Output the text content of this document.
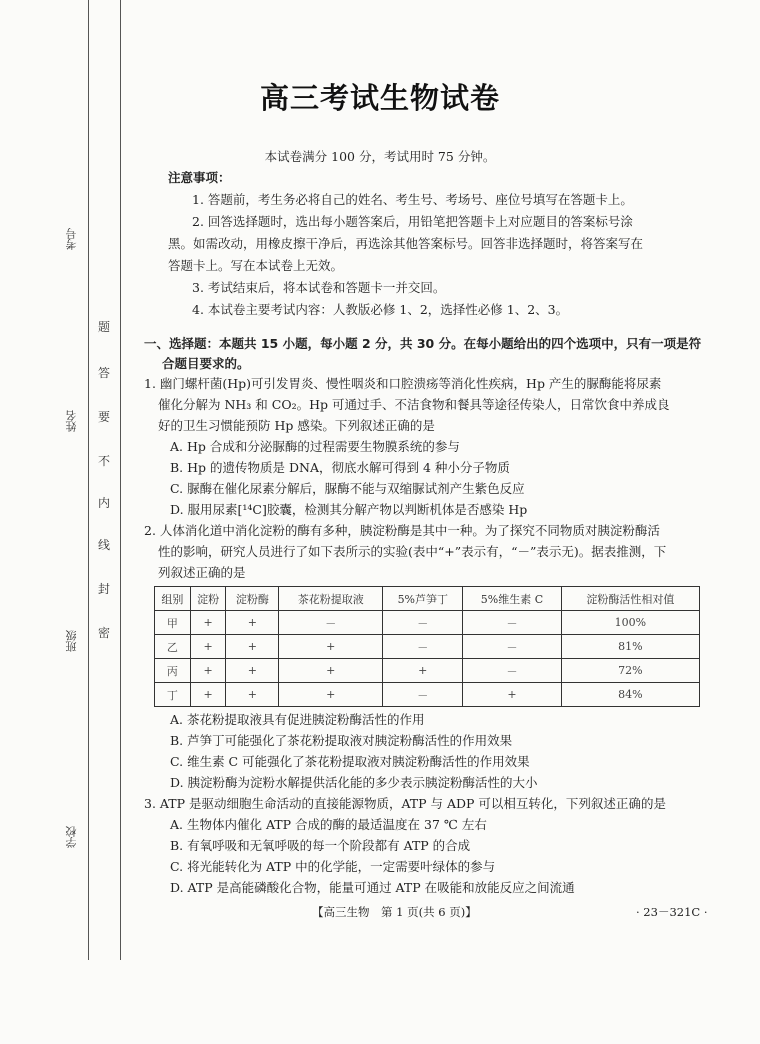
考号
姓名
班级
学校
题
答
要
不
内
线
封
密
高三考试生物试卷
本试卷满分 100 分，考试用时 75 分钟。
注意事项：
1. 答题前，考生务必将自己的姓名、考生号、考场号、座位号填写在答题卡上。
2. 回答选择题时，选出每小题答案后，用铅笔把答题卡上对应题目的答案标号涂
黑。如需改动，用橡皮擦干净后，再选涂其他答案标号。回答非选择题时，将答案写在
答题卡上。写在本试卷上无效。
3. 考试结束后，将本试卷和答题卡一并交回。
4. 本试卷主要考试内容：人教版必修 1、2，选择性必修 1、2、3。
一、选择题：本题共 15 小题，每小题 2 分，共 30 分。在每小题给出的四个选项中，只有一项是符
合题目要求的。
1. 幽门螺杆菌(Hp)可引发胃炎、慢性咽炎和口腔溃疡等消化性疾病，Hp 产生的脲酶能将尿素
催化分解为 NH₃ 和 CO₂。Hp 可通过手、不洁食物和餐具等途径传染人，日常饮食中养成良
好的卫生习惯能预防 Hp 感染。下列叙述正确的是
A. Hp 合成和分泌脲酶的过程需要生物膜系统的参与
B. Hp 的遗传物质是 DNA，彻底水解可得到 4 种小分子物质
C. 脲酶在催化尿素分解后，脲酶不能与双缩脲试剂产生紫色反应
D. 服用尿素[¹⁴C]胶囊，检测其分解产物以判断机体是否感染 Hp
2. 人体消化道中消化淀粉的酶有多种，胰淀粉酶是其中一种。为了探究不同物质对胰淀粉酶活
性的影响，研究人员进行了如下表所示的实验(表中“+”表示有，“－”表示无)。据表推测，下
列叙述正确的是
组别	淀粉	淀粉酶	茶花粉提取液	5%芦笋丁	5%维生素 C	淀粉酶活性相对值
甲	+	+	－	－	－	100%
乙	+	+	+	－	－	81%
丙	+	+	+	+	－	72%
丁	+	+	+	－	+	84%
A. 茶花粉提取液具有促进胰淀粉酶活性的作用
B. 芦笋丁可能强化了茶花粉提取液对胰淀粉酶活性的作用效果
C. 维生素 C 可能强化了茶花粉提取液对胰淀粉酶活性的作用效果
D. 胰淀粉酶为淀粉水解提供活化能的多少表示胰淀粉酶活性的大小
3. ATP 是驱动细胞生命活动的直接能源物质，ATP 与 ADP 可以相互转化，下列叙述正确的是
A. 生物体内催化 ATP 合成的酶的最适温度在 37 ℃ 左右
B. 有氧呼吸和无氧呼吸的每一个阶段都有 ATP 的合成
C. 将光能转化为 ATP 中的化学能，一定需要叶绿体的参与
D. ATP 是高能磷酸化合物，能量可通过 ATP 在吸能和放能反应之间流通
【高三生物　第 1 页(共 6 页)】	· 23－321C ·
